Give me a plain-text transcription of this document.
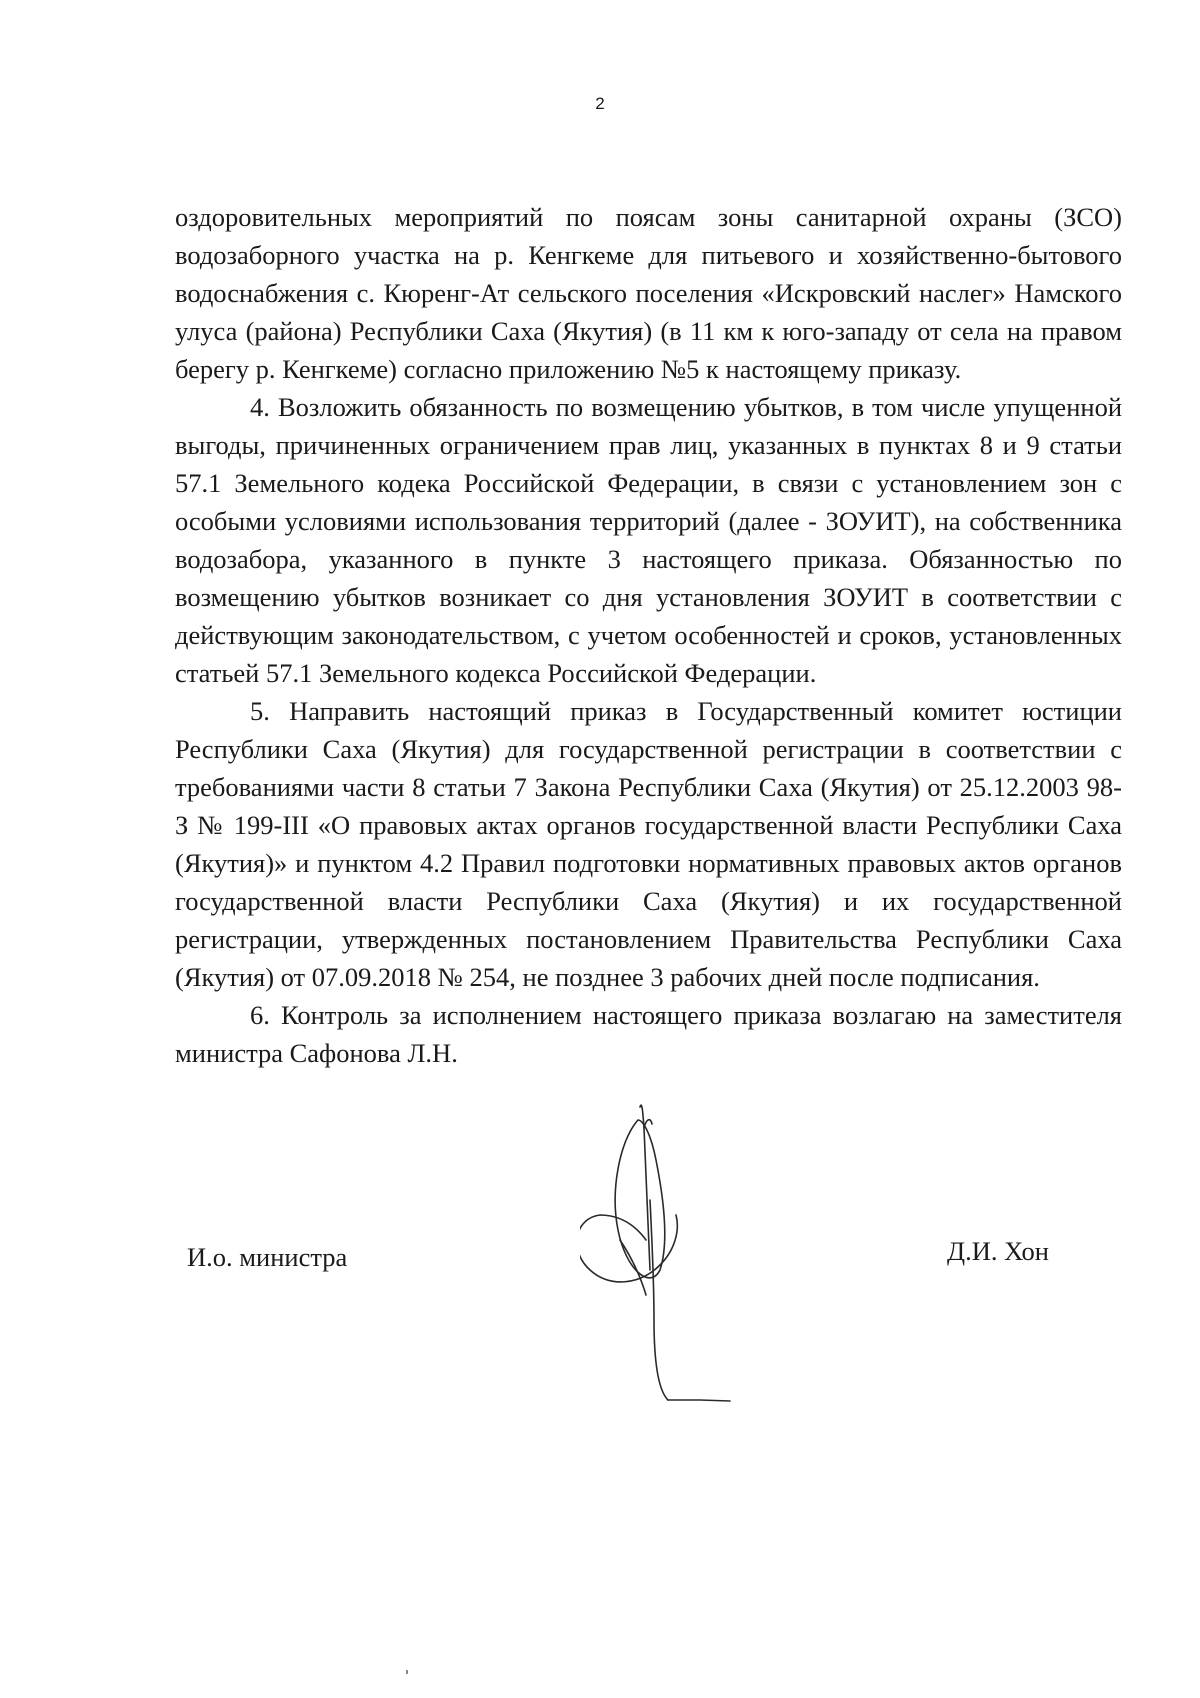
2

оздоровительных мероприятий по поясам зоны санитарной охраны (ЗСО) водозаборного участка на р. Кенгкеме для питьевого и хозяйственно-бытового водоснабжения с. Кюренг-Ат сельского поселения «Искровский наслег» Намского улуса (района) Республики Саха (Якутия) (в 11 км к юго-западу от села на правом берегу р. Кенгкеме) согласно приложению №5 к настоящему приказу.

4. Возложить обязанность по возмещению убытков, в том числе упущенной выгоды, причиненных ограничением прав лиц, указанных в пунктах 8 и 9 статьи 57.1 Земельного кодека Российской Федерации, в связи с установлением зон с особыми условиями использования территорий (далее - ЗОУИТ), на собственника водозабора, указанного в пункте 3 настоящего приказа. Обязанностью по возмещению убытков возникает со дня установления ЗОУИТ в соответствии с действующим законодательством, с учетом особенностей и сроков, установленных статьей 57.1 Земельного кодекса Российской Федерации.

5. Направить настоящий приказ в Государственный комитет юстиции Республики Саха (Якутия) для государственной регистрации в соответствии с требованиями части 8 статьи 7 Закона Республики Саха (Якутия) от 25.12.2003 98-З № 199-III «О правовых актах органов государственной власти Республики Саха (Якутия)» и пунктом 4.2 Правил подготовки нормативных правовых актов органов государственной власти Республики Саха (Якутия) и их государственной регистрации, утвержденных постановлением Правительства Республики Саха (Якутия) от 07.09.2018 № 254, не позднее 3 рабочих дней после подписания.

6. Контроль за исполнением настоящего приказа возлагаю на заместителя министра Сафонова Л.Н.

И.о. министра	Д.И. Хон
